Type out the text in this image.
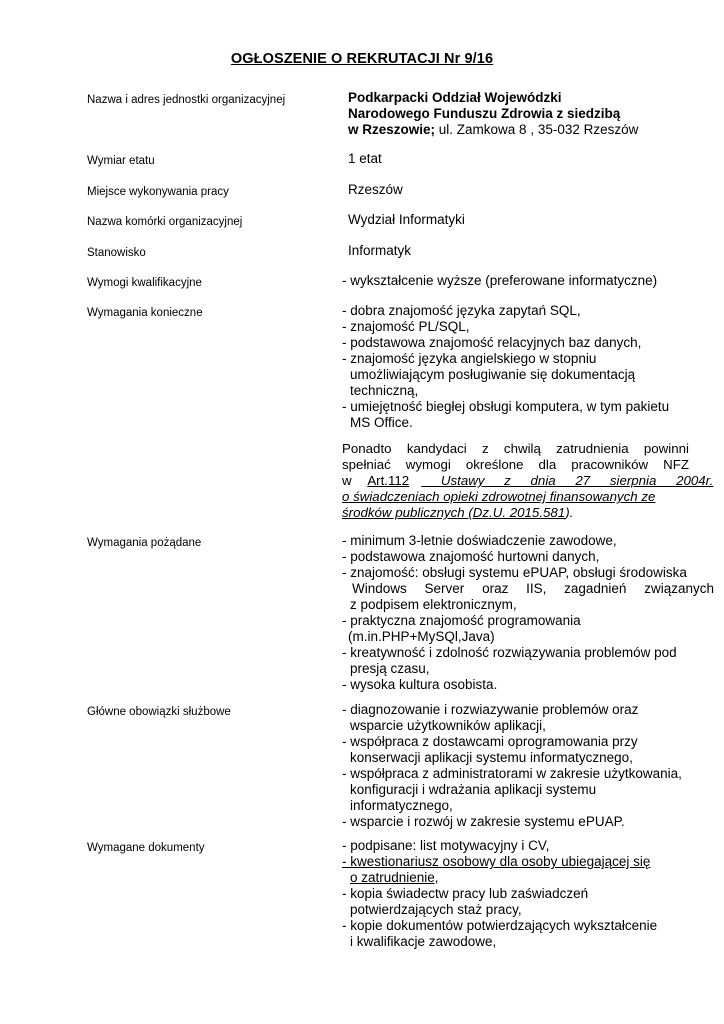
OGŁOSZENIE O REKRUTACJI Nr 9/16
Nazwa i adres jednostki organizacyjnej	Podkarpacki Oddział Wojewódzki
Narodowego Funduszu Zdrowia z siedzibą
w Rzeszowie; ul. Zamkowa 8 , 35-032 Rzeszów
Wymiar etatu	1 etat
Miejsce wykonywania pracy	Rzeszów
Nazwa komórki organizacyjnej	Wydział Informatyki
Stanowisko	Informatyk
Wymogi kwalifikacyjne	- wykształcenie wyższe (preferowane informatyczne)
Wymagania konieczne	- dobra znajomość języka zapytań SQL,
- znajomość PL/SQL,
- podstawowa znajomość relacyjnych baz danych,
- znajomość języka angielskiego w stopniu
umożliwiającym posługiwanie się dokumentacją
techniczną,
- umiejętność biegłej obsługi komputera, w tym pakietu
MS Office.
Ponadto kandydaci z chwilą zatrudnienia powinni
spełniać wymogi określone dla pracowników NFZ
w Art.112 Ustawy z dnia 27 sierpnia 2004r.
o świadczeniach opieki zdrowotnej finansowanych ze
środków publicznych (Dz.U. 2015.581).
Wymagania pożądane	- minimum 3-letnie doświadczenie zawodowe,
- podstawowa znajomość hurtowni danych,
- znajomość: obsługi systemu ePUAP, obsługi środowiska
Windows Server oraz IIS, zagadnień związanych
z podpisem elektronicznym,
- praktyczna znajomość programowania
(m.in.PHP+MySQl,Java)
- kreatywność i zdolność rozwiązywania problemów pod
presją czasu,
- wysoka kultura osobista.
Główne obowiązki służbowe	- diagnozowanie i rozwiazywanie problemów oraz
wsparcie użytkowników aplikacji,
- współpraca z dostawcami oprogramowania przy
konserwacji aplikacji systemu informatycznego,
- współpraca z administratorami w zakresie użytkowania,
konfiguracji i wdrażania aplikacji systemu
informatycznego,
- wsparcie i rozwój w zakresie systemu ePUAP.
Wymagane dokumenty	- podpisane: list motywacyjny i CV,
- kwestionariusz osobowy dla osoby ubiegającej się
o zatrudnienie,
- kopia świadectw pracy lub zaświadczeń
potwierdzających staż pracy,
- kopie dokumentów potwierdzających wykształcenie
i kwalifikacje zawodowe,
